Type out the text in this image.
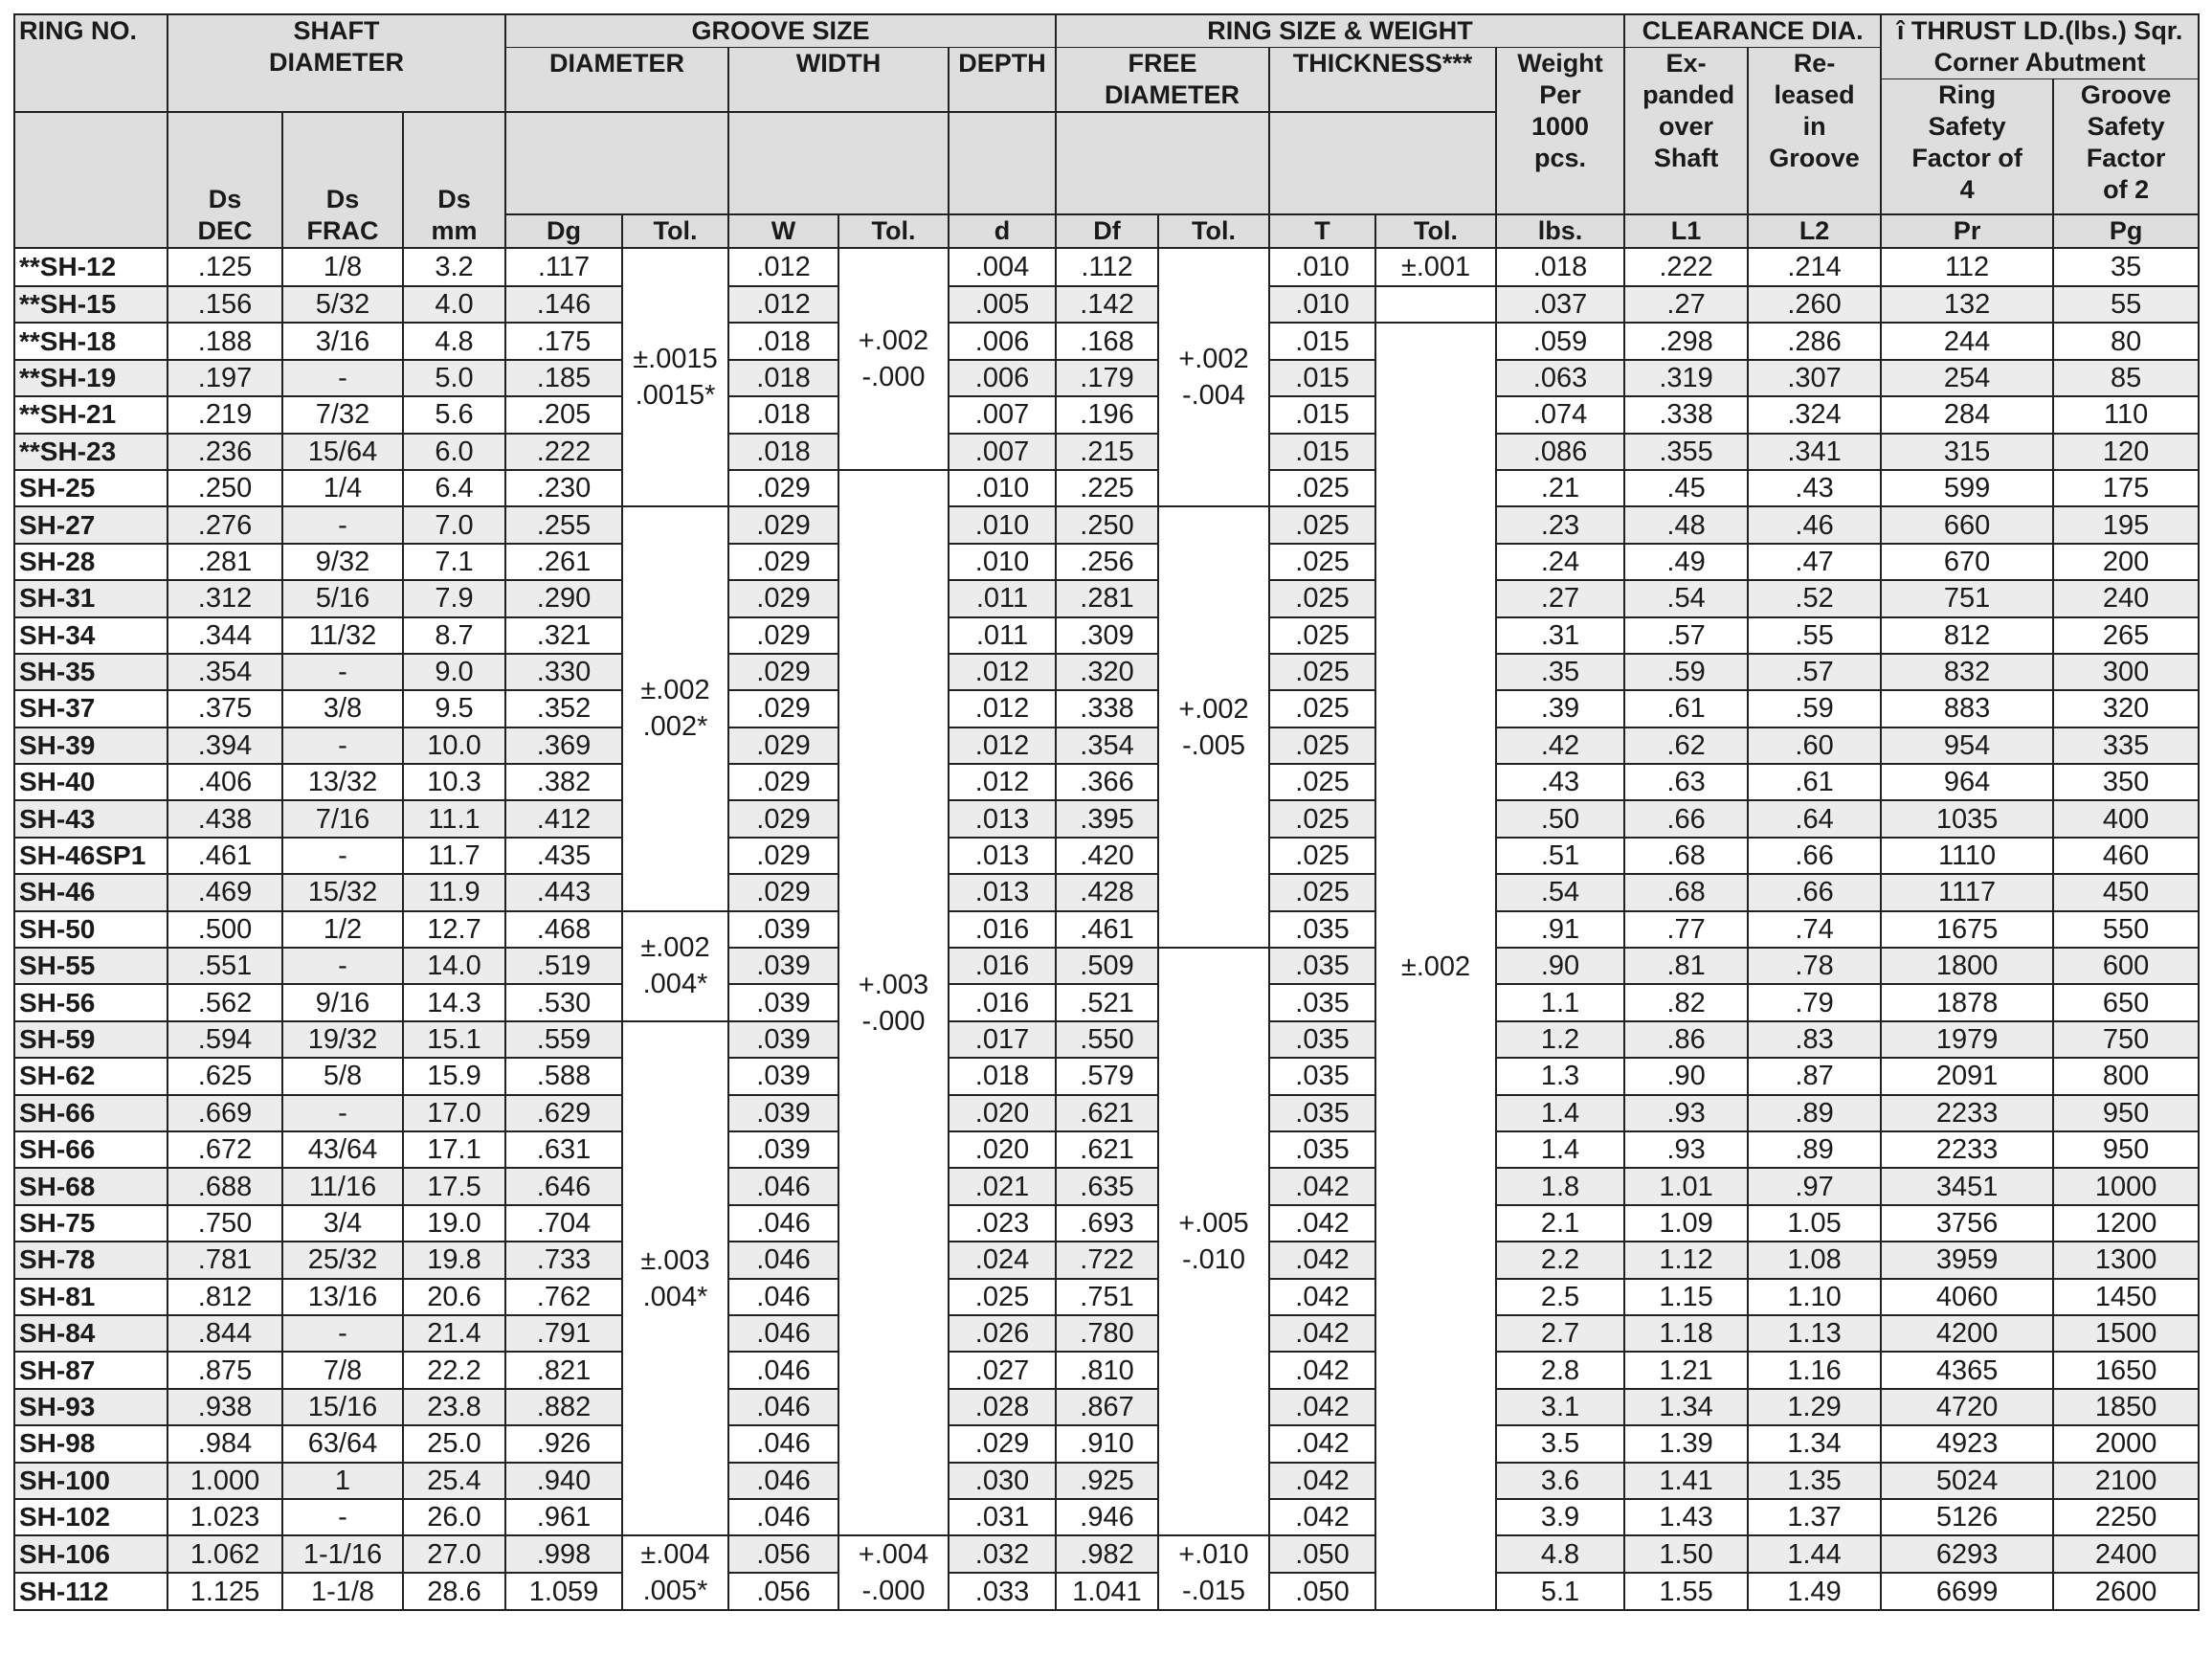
RING NO.	SHAFT DIAMETER			GROOVE SIZE					RING SIZE & WEIGHT					CLEARANCE DIA.		î THRUST LD.(lbs.) Sqr. Corner Abutment	

				DIAMETER		WIDTH		DEPTH	FREE DIAMETER		THICKNESS***		Weight Per 1000 pcs.	Ex- panded over Shaft	Re- leased in Groove		

																Ring Safety Factor of 4	Groove Safety Factor of 2

	Ds DEC	Ds FRAC	Ds mm														

				Dg	Tol.	W	Tol.	d	Df	Tol.	T	Tol.	lbs.	L1	L2	Pr	Pg
**SH-12	.125	1/8	3.2	.117	±.0015 .0015*	.012	+.002 -.000	.004	.112	+.002 -.004	.010	±.001	.018	.222	.214	112	35
**SH-15	.156	5/32	4.0	.146		.012		.005	.142		.010		.037	.27	.260	132	55
**SH-18	.188	3/16	4.8	.175		.018		.006	.168		.015	±.002	.059	.298	.286	244	80
**SH-19	.197	-	5.0	.185		.018		.006	.179		.015		.063	.319	.307	254	85
**SH-21	.219	7/32	5.6	.205		.018		.007	.196		.015		.074	.338	.324	284	110
**SH-23	.236	15/64	6.0	.222		.018		.007	.215		.015		.086	.355	.341	315	120
SH-25	.250	1/4	6.4	.230		.029	+.003 -.000	.010	.225		.025		.21	.45	.43	599	175
SH-27	.276	-	7.0	.255	±.002 .002*	.029		.010	.250	+.002 -.005	.025		.23	.48	.46	660	195
SH-28	.281	9/32	7.1	.261		.029		.010	.256		.025		.24	.49	.47	670	200
SH-31	.312	5/16	7.9	.290		.029		.011	.281		.025		.27	.54	.52	751	240
SH-34	.344	11/32	8.7	.321		.029		.011	.309		.025		.31	.57	.55	812	265
SH-35	.354	-	9.0	.330		.029		.012	.320		.025		.35	.59	.57	832	300
SH-37	.375	3/8	9.5	.352		.029		.012	.338		.025		.39	.61	.59	883	320
SH-39	.394	-	10.0	.369		.029		.012	.354		.025		.42	.62	.60	954	335
SH-40	.406	13/32	10.3	.382		.029		.012	.366		.025		.43	.63	.61	964	350
SH-43	.438	7/16	11.1	.412		.029		.013	.395		.025		.50	.66	.64	1035	400
SH-46SP1	.461	-	11.7	.435		.029		.013	.420		.025		.51	.68	.66	1110	460
SH-46	.469	15/32	11.9	.443		.029		.013	.428		.025		.54	.68	.66	1117	450
SH-50	.500	1/2	12.7	.468	±.002 .004*	.039		.016	.461		.035		.91	.77	.74	1675	550
SH-55	.551	-	14.0	.519		.039		.016	.509	+.005 -.010	.035		.90	.81	.78	1800	600
SH-56	.562	9/16	14.3	.530		.039		.016	.521		.035		1.1	.82	.79	1878	650
SH-59	.594	19/32	15.1	.559	±.003 .004*	.039		.017	.550		.035		1.2	.86	.83	1979	750
SH-62	.625	5/8	15.9	.588		.039		.018	.579		.035		1.3	.90	.87	2091	800
SH-66	.669	-	17.0	.629		.039		.020	.621		.035		1.4	.93	.89	2233	950
SH-66	.672	43/64	17.1	.631		.039		.020	.621		.035		1.4	.93	.89	2233	950
SH-68	.688	11/16	17.5	.646		.046		.021	.635		.042		1.8	1.01	.97	3451	1000
SH-75	.750	3/4	19.0	.704		.046		.023	.693		.042		2.1	1.09	1.05	3756	1200
SH-78	.781	25/32	19.8	.733		.046		.024	.722		.042		2.2	1.12	1.08	3959	1300
SH-81	.812	13/16	20.6	.762		.046		.025	.751		.042		2.5	1.15	1.10	4060	1450
SH-84	.844	-	21.4	.791		.046		.026	.780		.042		2.7	1.18	1.13	4200	1500
SH-87	.875	7/8	22.2	.821		.046		.027	.810		.042		2.8	1.21	1.16	4365	1650
SH-93	.938	15/16	23.8	.882		.046		.028	.867		.042		3.1	1.34	1.29	4720	1850
SH-98	.984	63/64	25.0	.926		.046		.029	.910		.042		3.5	1.39	1.34	4923	2000
SH-100	1.000	1	25.4	.940		.046		.030	.925		.042		3.6	1.41	1.35	5024	2100
SH-102	1.023	-	26.0	.961		.046		.031	.946		.042		3.9	1.43	1.37	5126	2250
SH-106	1.062	1-1/16	27.0	.998	±.004 .005*	.056	+.004 -.000	.032	.982	+.010 -.015	.050		4.8	1.50	1.44	6293	2400
SH-112	1.125	1-1/8	28.6	1.059		.056		.033	1.041		.050		5.1	1.55	1.49	6699	2600
